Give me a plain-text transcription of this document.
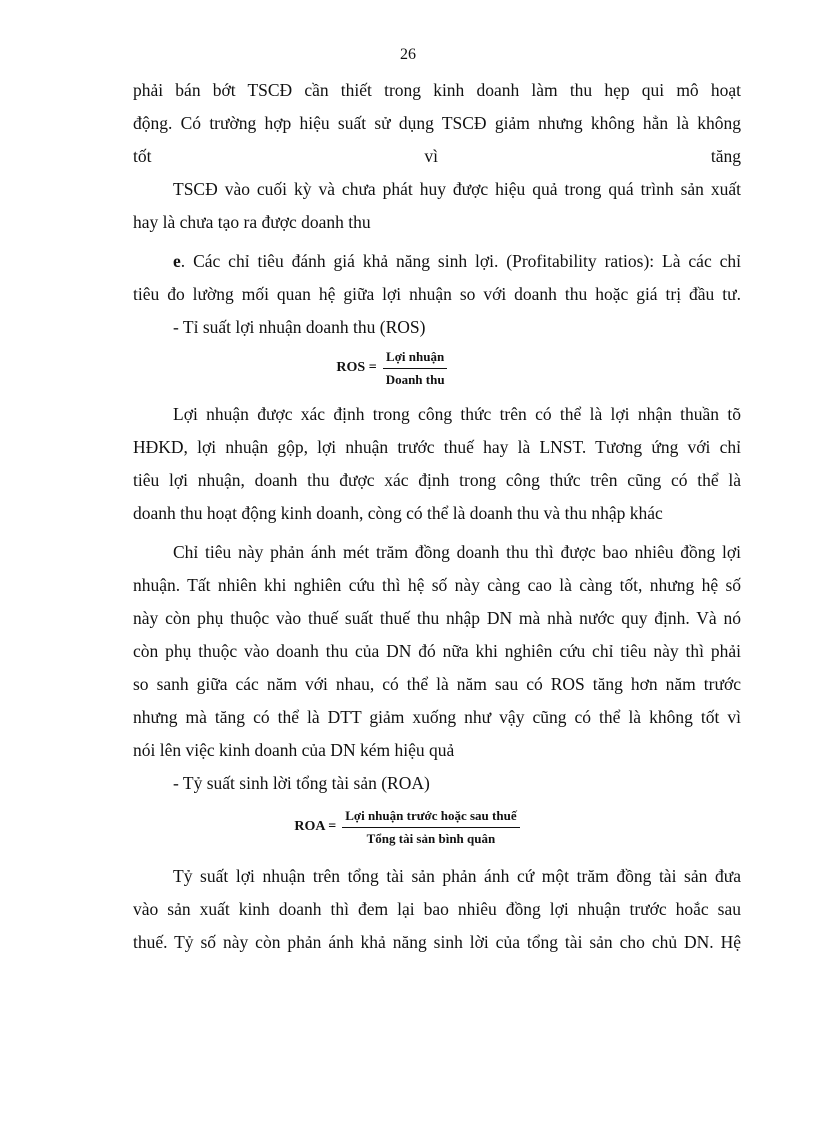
26
phải bán bớt TSCĐ cần thiết trong kinh doanh làm thu hẹp qui mô hoạt
động. Có trường hợp hiệu suất sử dụng TSCĐ giảm nhưng không hẳn là không
tốt	vì	tăng
TSCĐ vào cuối kỳ và chưa phát huy được hiệu quả trong quá trình sản xuất
hay là chưa tạo ra được doanh thu
e. Các chỉ tiêu đánh giá khả năng sinh lợi. (Profitability ratios): Là các chỉ
tiêu đo lường mối quan hệ giữa lợi nhuận so với doanh thu hoặc giá trị đầu tư.
- Tỉ suất lợi nhuận doanh thu (ROS)
ROS = $\frac{\text{Lợi nhuận}}{\text{Doanh thu}}$
Lợi nhuận được xác định trong công thức trên có thể là lợi nhận thuần tõ
HĐKD, lợi nhuận gộp, lợi nhuận trước thuế hay là LNST. Tương ứng với chỉ
tiêu lợi nhuận, doanh thu được xác định trong công thức trên cũng có thể là
doanh thu hoạt động kinh doanh, còng có thể là doanh thu và thu nhập khác
Chỉ tiêu này phản ánh mét trăm đồng doanh thu thì được bao nhiêu đồng lợi
nhuận. Tất nhiên khi nghiên cứu thì hệ số này càng cao là càng tốt, nhưng hệ số
này còn phụ thuộc vào thuế suất thuế thu nhập DN mà nhà nước quy định. Và nó
còn phụ thuộc vào doanh thu của DN đó nữa khi nghiên cứu chỉ tiêu này thì phải
so sanh giữa các năm với nhau, có thể là năm sau có ROS tăng hơn năm trước
nhưng mà tăng có thể là DTT giảm xuống như vậy cũng có thể là không tốt vì
nói lên việc kinh doanh của DN kém hiệu quả
- Tỷ suất sinh lời tổng tài sản (ROA)
ROA = $\frac{\text{Lợi nhuận trước hoặc sau thuế}}{\text{Tổng tài sản bình quân}}$
Tỷ suất lợi nhuận trên tổng tài sản phản ánh cứ một trăm đồng tài sản đưa
vào sản xuất kinh doanh thì đem lại bao nhiêu đồng lợi nhuận trước hoắc sau
thuế. Tỷ số này còn phản ánh khả năng sinh lời của tổng tài sản cho chủ DN. Hệ
